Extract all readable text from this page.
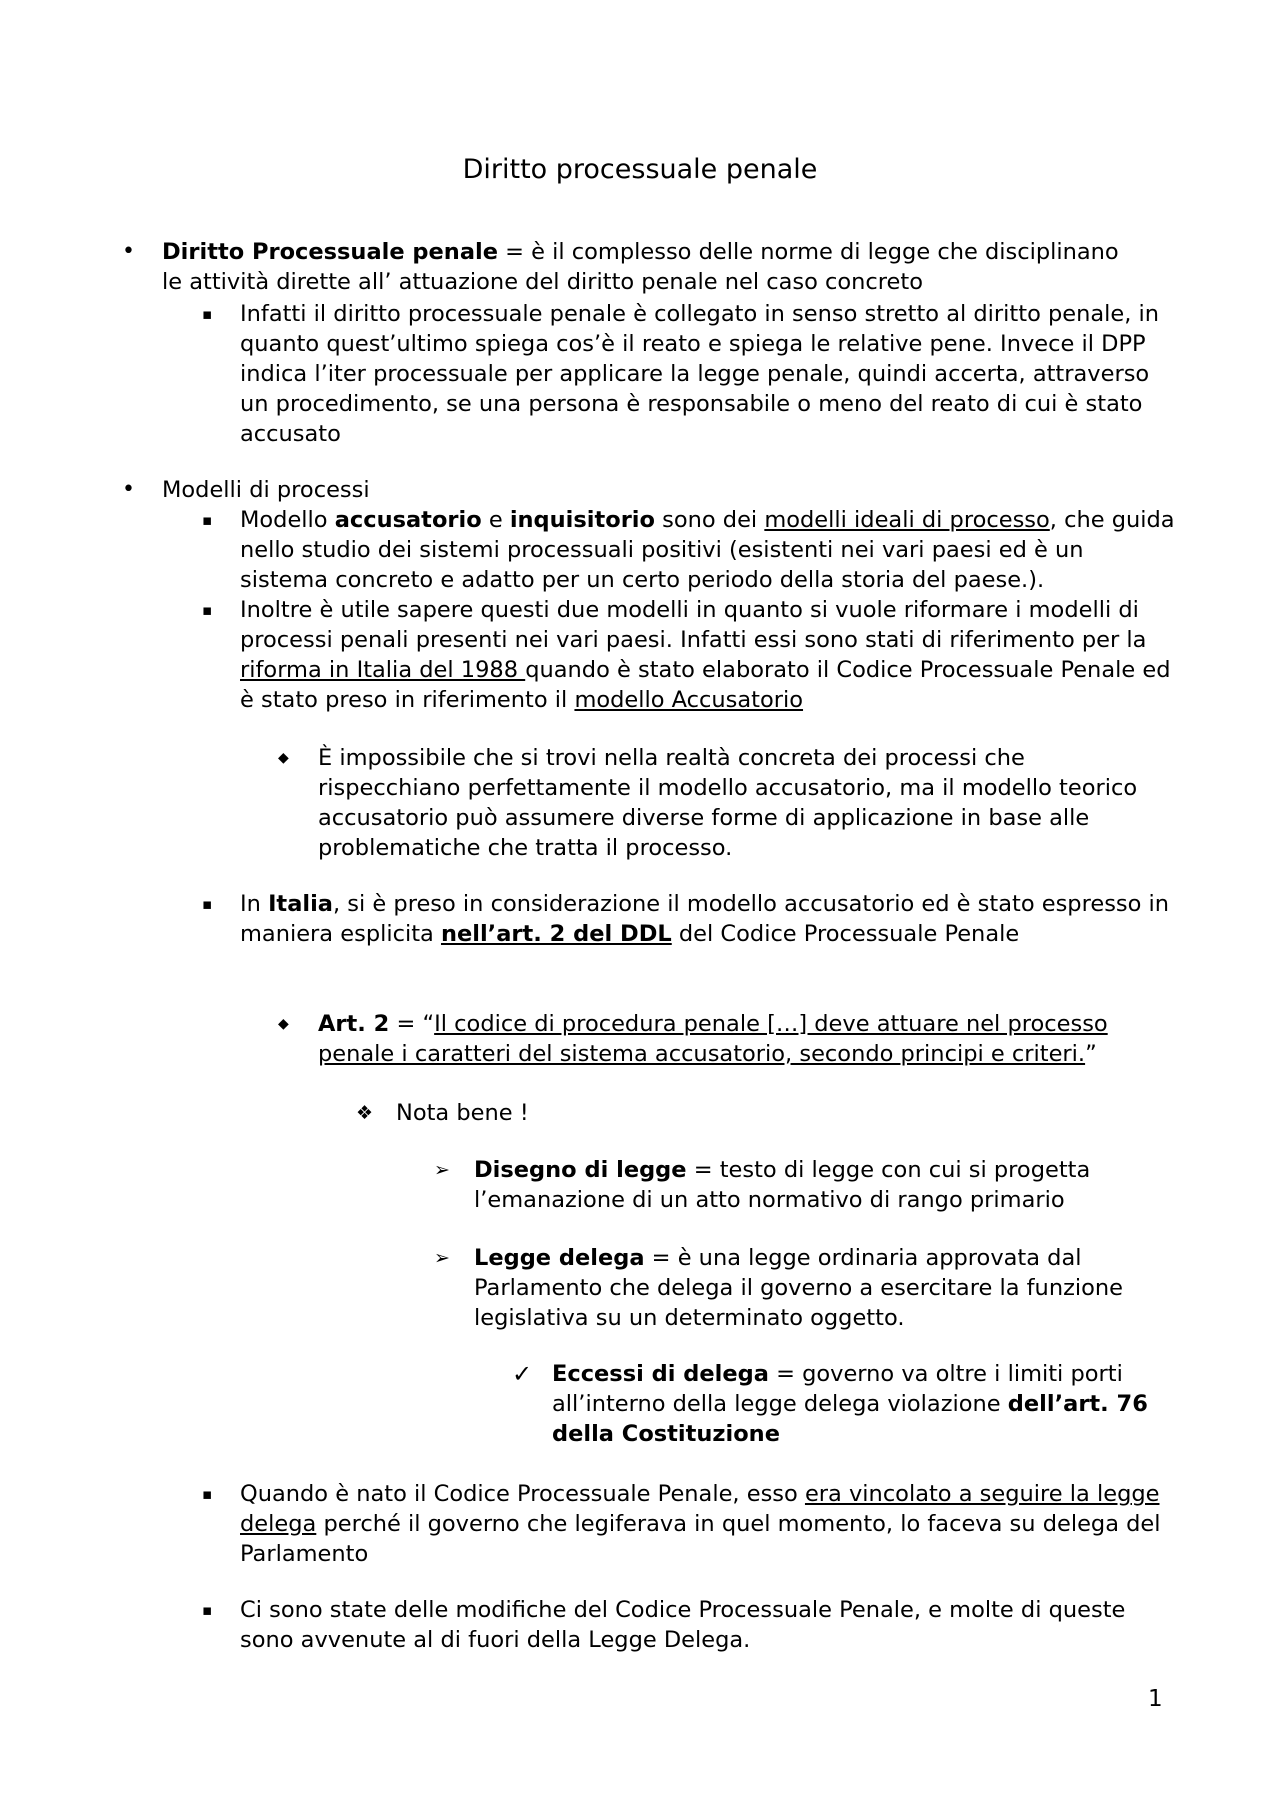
Diritto processuale penale
• Diritto Processuale penale = è il complesso delle norme di legge che disciplinano le attività dirette all’ attuazione del diritto penale nel caso concreto
▪ Infatti il diritto processuale penale è collegato in senso stretto al diritto penale, in quanto quest’ultimo spiega cos’è il reato e spiega le relative pene. Invece il DPP indica l’iter processuale per applicare la legge penale, quindi accerta, attraverso un procedimento, se una persona è responsabile o meno del reato di cui è stato accusato
• Modelli di processi
▪ Modello accusatorio e inquisitorio sono dei modelli ideali di processo, che guida nello studio dei sistemi processuali positivi (esistenti nei vari paesi ed è un sistema concreto e adatto per un certo periodo della storia del paese.).
▪ Inoltre è utile sapere questi due modelli in quanto si vuole riformare i modelli di processi penali presenti nei vari paesi. Infatti essi sono stati di riferimento per la riforma in Italia del 1988 quando è stato elaborato il Codice Processuale Penale ed è stato preso in riferimento il modello Accusatorio
◆ È impossibile che si trovi nella realtà concreta dei processi che rispecchiano perfettamente il modello accusatorio, ma il modello teorico accusatorio può assumere diverse forme di applicazione in base alle problematiche che tratta il processo.
▪ In Italia, si è preso in considerazione il modello accusatorio ed è stato espresso in maniera esplicita nell’art. 2 del DDL del Codice Processuale Penale
◆ Art. 2 = “Il codice di procedura penale […] deve attuare nel processo penale i caratteri del sistema accusatorio, secondo principi e criteri.”
❖ Nota bene !
➢ Disegno di legge = testo di legge con cui si progetta l’emanazione di un atto normativo di rango primario
➢ Legge delega = è una legge ordinaria approvata dal Parlamento che delega il governo a esercitare la funzione legislativa su un determinato oggetto.
✓ Eccessi di delega = governo va oltre i limiti porti all’interno della legge delega violazione dell’art. 76 della Costituzione
▪ Quando è nato il Codice Processuale Penale, esso era vincolato a seguire la legge delega perché il governo che legiferava in quel momento, lo faceva su delega del Parlamento
▪ Ci sono state delle modifiche del Codice Processuale Penale, e molte di queste sono avvenute al di fuori della Legge Delega.
1
